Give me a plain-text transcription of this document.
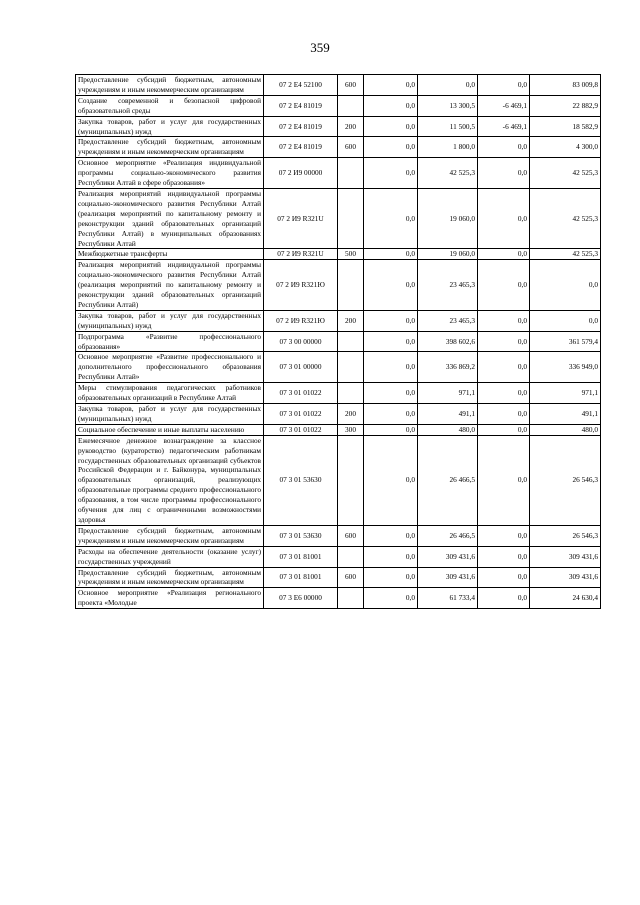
359
Предоставление субсидий бюджетным, автономным учреждениям и иным некоммерческим организациям	07 2 E4 52100	600	0,0	0,0	0,0	83 009,8
Создание современной и безопасной цифровой образовательной среды	07 2 E4 81019		0,0	13 300,5	-6 469,1	22 882,9
Закупка товаров, работ и услуг для государственных (муниципальных) нужд	07 2 E4 81019	200	0,0	11 500,5	-6 469,1	18 582,9
Предоставление субсидий бюджетным, автономным учреждениям и иным некоммерческим организациям	07 2 E4 81019	600	0,0	1 800,0	0,0	4 300,0
Основное мероприятие «Реализация индивидуальной программы социально-экономического развития Республики Алтай в сфере образования»	07 2 И9 00000		0,0	42 525,3	0,0	42 525,3
Реализация мероприятий индивидуальной программы социально-экономического развития Республики Алтай (реализация мероприятий по капитальному ремонту и реконструкции зданий образовательных организаций Республики Алтай) в муниципальных образованиях Республики Алтай	07 2 И9 R321U		0,0	19 060,0	0,0	42 525,3
Межбюджетные трансферты	07 2 И9 R321U	500	0,0	19 060,0	0,0	42 525,3
Реализация мероприятий индивидуальной программы социально-экономического развития Республики Алтай (реализация мероприятий по капитальному ремонту и реконструкции зданий образовательных организаций Республики Алтай)	07 2 И9 R321Ю		0,0	23 465,3	0,0	0,0
Закупка товаров, работ и услуг для государственных (муниципальных) нужд	07 2 И9 R321Ю	200	0,0	23 465,3	0,0	0,0
Подпрограмма «Развитие профессионального образования»	07 3 00 00000		0,0	398 602,6	0,0	361 579,4
Основное мероприятие «Развитие профессионального и дополнительного профессионального образования Республики Алтай»	07 3 01 00000		0,0	336 869,2	0,0	336 949,0
Меры стимулирования педагогических работников образовательных организаций в Республике Алтай	07 3 01 01022		0,0	971,1	0,0	971,1
Закупка товаров, работ и услуг для государственных (муниципальных) нужд	07 3 01 01022	200	0,0	491,1	0,0	491,1
Социальное обеспечение и иные выплаты населению	07 3 01 01022	300	0,0	480,0	0,0	480,0
Ежемесячное денежное вознаграждение за классное руководство (кураторство) педагогическим работникам государственных образовательных организаций субъектов Российской Федерации и г. Байконура, муниципальных образовательных организаций, реализующих образовательные программы среднего профессионального образования, в том числе программы профессионального обучения для лиц с ограниченными возможностями здоровья	07 3 01 53630		0,0	26 466,5	0,0	26 546,3
Предоставление субсидий бюджетным, автономным учреждениям и иным некоммерческим организациям	07 3 01 53630	600	0,0	26 466,5	0,0	26 546,3
Расходы на обеспечение деятельности (оказание услуг) государственных учреждений	07 3 01 81001		0,0	309 431,6	0,0	309 431,6
Предоставление субсидий бюджетным, автономным учреждениям и иным некоммерческим организациям	07 3 01 81001	600	0,0	309 431,6	0,0	309 431,6
Основное мероприятие «Реализация регионального проекта «Молодые	07 3 E6 00000		0,0	61 733,4	0,0	24 630,4
